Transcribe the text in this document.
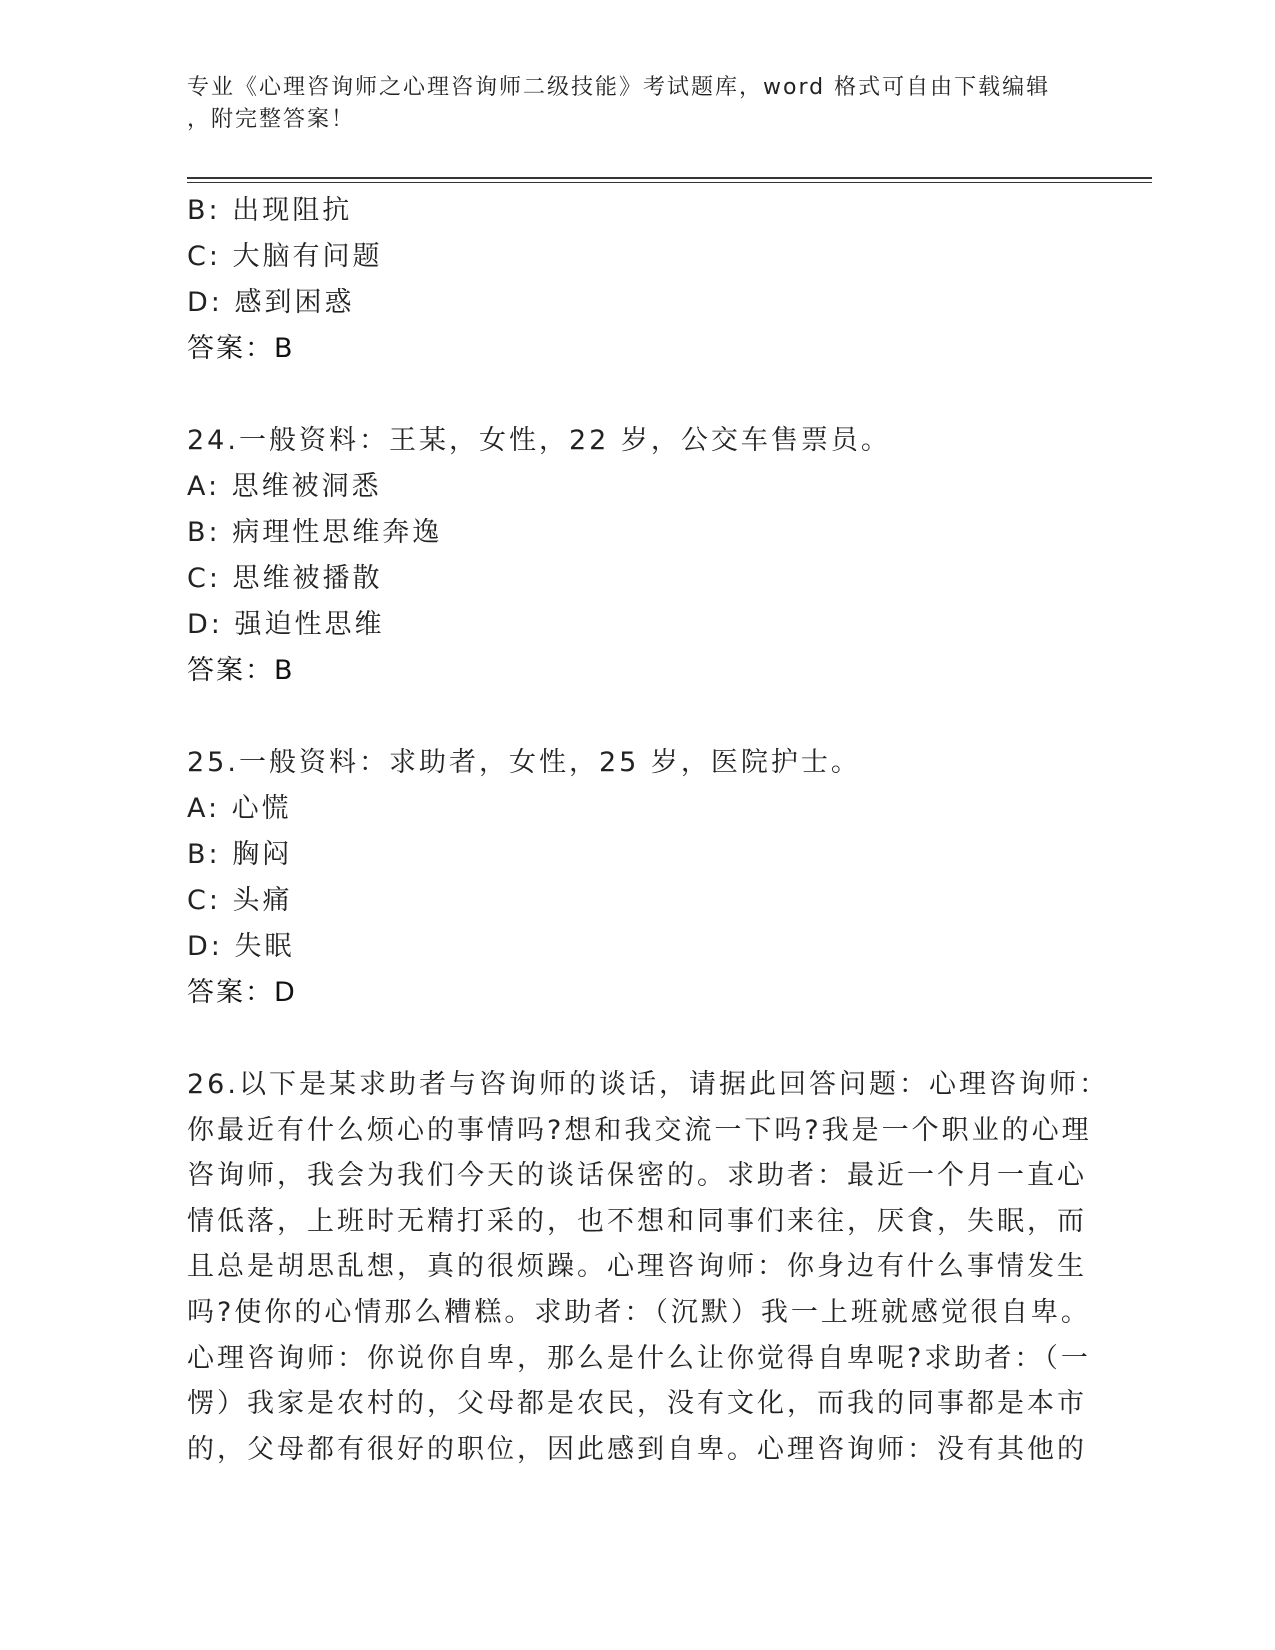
专业《心理咨询师之心理咨询师二级技能》考试题库，word 格式可自由下载编辑
，附完整答案！
B: 出现阻抗
C: 大脑有问题
D: 感到困惑
答案：B
24.一般资料：王某，女性，22 岁，公交车售票员。
A: 思维被洞悉
B: 病理性思维奔逸
C: 思维被播散
D: 强迫性思维
答案：B
25.一般资料：求助者，女性，25 岁，医院护士。
A: 心慌
B: 胸闷
C: 头痛
D: 失眠
答案：D
26.以下是某求助者与咨询师的谈话，请据此回答问题：心理咨询师：
你最近有什么烦心的事情吗?想和我交流一下吗?我是一个职业的心理
咨询师，我会为我们今天的谈话保密的。求助者：最近一个月一直心
情低落，上班时无精打采的，也不想和同事们来往，厌食，失眠，而
且总是胡思乱想，真的很烦躁。心理咨询师：你身边有什么事情发生
吗?使你的心情那么糟糕。求助者：（沉默）我一上班就感觉很自卑。
心理咨询师：你说你自卑，那么是什么让你觉得自卑呢?求助者：（一
愣）我家是农村的，父母都是农民，没有文化，而我的同事都是本市
的，父母都有很好的职位，因此感到自卑。心理咨询师：没有其他的
